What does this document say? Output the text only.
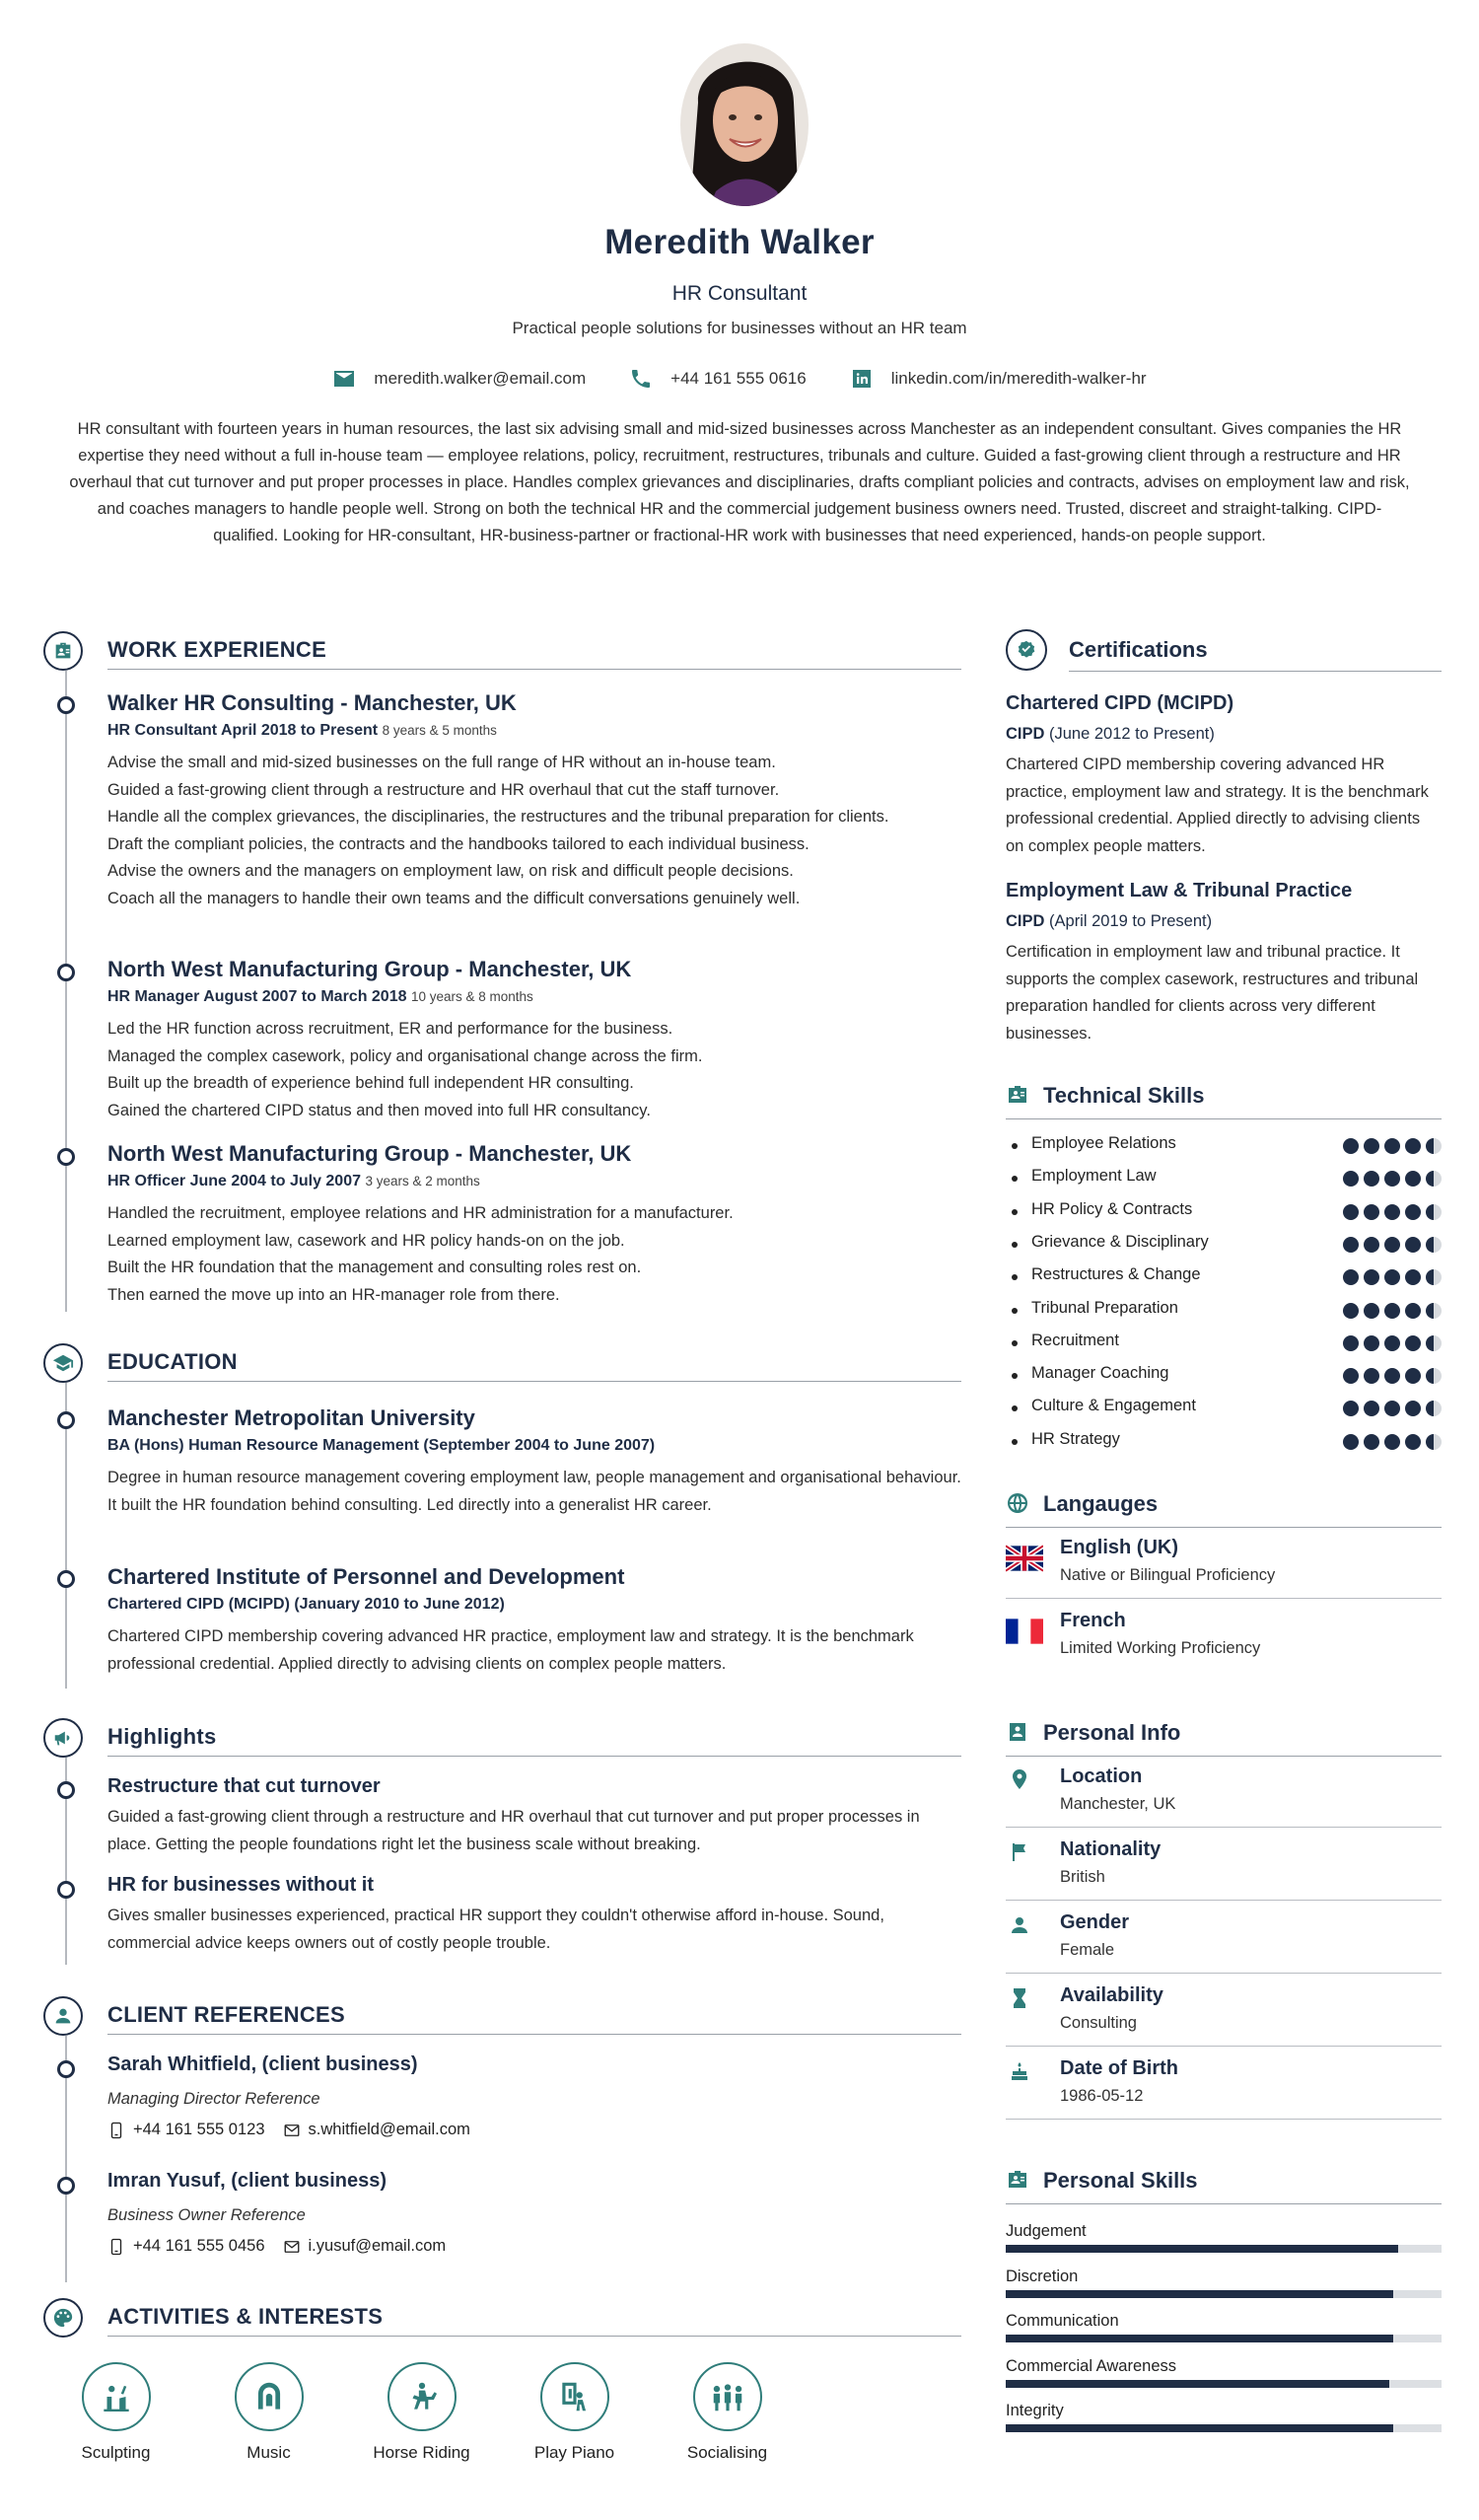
Meredith Walker
HR Consultant
Practical people solutions for businesses without an HR team
meredith.walker@email.com	+44 161 555 0616	linkedin.com/in/meredith-walker-hr
HR consultant with fourteen years in human resources, the last six advising small and mid-sized businesses across Manchester as an independent consultant. Gives companies the HR expertise they need without a full in-house team — employee relations, policy, recruitment, restructures, tribunals and culture. Guided a fast-growing client through a restructure and HR overhaul that cut turnover and put proper processes in place. Handles complex grievances and disciplinaries, drafts compliant policies and contracts, advises on employment law and risk, and coaches managers to handle people well. Strong on both the technical HR and the commercial judgement business owners need. Trusted, discreet and straight-talking. CIPD-qualified. Looking for HR-consultant, HR-business-partner or fractional-HR work with businesses that need experienced, hands-on people support.
WORK EXPERIENCE
Walker HR Consulting - Manchester, UK
HR Consultant April 2018 to Present 8 years & 5 months

Advise the small and mid-sized businesses on the full range of HR without an in-house team.

Guided a fast-growing client through a restructure and HR overhaul that cut the staff turnover.

Handle all the complex grievances, the disciplinaries, the restructures and the tribunal preparation for clients.

Draft the compliant policies, the contracts and the handbooks tailored to each individual business.

Advise the owners and the managers on employment law, on risk and difficult people decisions.

Coach all the managers to handle their own teams and the difficult conversations genuinely well.

North West Manufacturing Group - Manchester, UK
HR Manager August 2007 to March 2018 10 years & 8 months

Led the HR function across recruitment, ER and performance for the business.

Managed the complex casework, policy and organisational change across the firm.

Built up the breadth of experience behind full independent HR consulting.

Gained the chartered CIPD status and then moved into full HR consultancy.

North West Manufacturing Group - Manchester, UK
HR Officer June 2004 to July 2007 3 years & 2 months

Handled the recruitment, employee relations and HR administration for a manufacturer.

Learned employment law, casework and HR policy hands-on on the job.

Built the HR foundation that the management and consulting roles rest on.

Then earned the move up into an HR-manager role from there.

EDUCATION
Manchester Metropolitan University
BA (Hons) Human Resource Management (September 2004 to June 2007)
Degree in human resource management covering employment law, people management and organisational behaviour. It built the HR foundation behind consulting. Led directly into a generalist HR career.
Chartered Institute of Personnel and Development
Chartered CIPD (MCIPD) (January 2010 to June 2012)
Chartered CIPD membership covering advanced HR practice, employment law and strategy. It is the benchmark professional credential. Applied directly to advising clients on complex people matters.
Highlights
Restructure that cut turnover
Guided a fast-growing client through a restructure and HR overhaul that cut turnover and put proper processes in place. Getting the people foundations right let the business scale without breaking.
HR for businesses without it
Gives smaller businesses experienced, practical HR support they couldn't otherwise afford in-house. Sound, commercial advice keeps owners out of costly people trouble.
CLIENT REFERENCES
Sarah Whitfield, (client business)
Managing Director Reference
+44 161 555 0123	s.whitfield@email.com
Imran Yusuf, (client business)
Business Owner Reference
+44 161 555 0456	i.yusuf@email.com
ACTIVITIES & INTERESTS
Sculpting	Music	Horse Riding	Play Piano	Socialising
Certifications
Chartered CIPD (MCIPD)
CIPD (June 2012 to Present)
Chartered CIPD membership covering advanced HR practice, employment law and strategy. It is the benchmark professional credential. Applied directly to advising clients on complex people matters.
Employment Law & Tribunal Practice
CIPD (April 2019 to Present)
Certification in employment law and tribunal practice. It supports the complex casework, restructures and tribunal preparation handled for clients across very different businesses.
Technical Skills
Employee Relations
Employment Law
HR Policy & Contracts
Grievance & Disciplinary
Restructures & Change
Tribunal Preparation
Recruitment
Manager Coaching
Culture & Engagement
HR Strategy
Langauges
English (UK)
Native or Bilingual Proficiency
French
Limited Working Proficiency
Personal Info
Location
Manchester, UK
Nationality
British
Gender
Female
Availability
Consulting
Date of Birth
1986-05-12
Personal Skills
Judgement
Discretion
Communication
Commercial Awareness
Integrity
